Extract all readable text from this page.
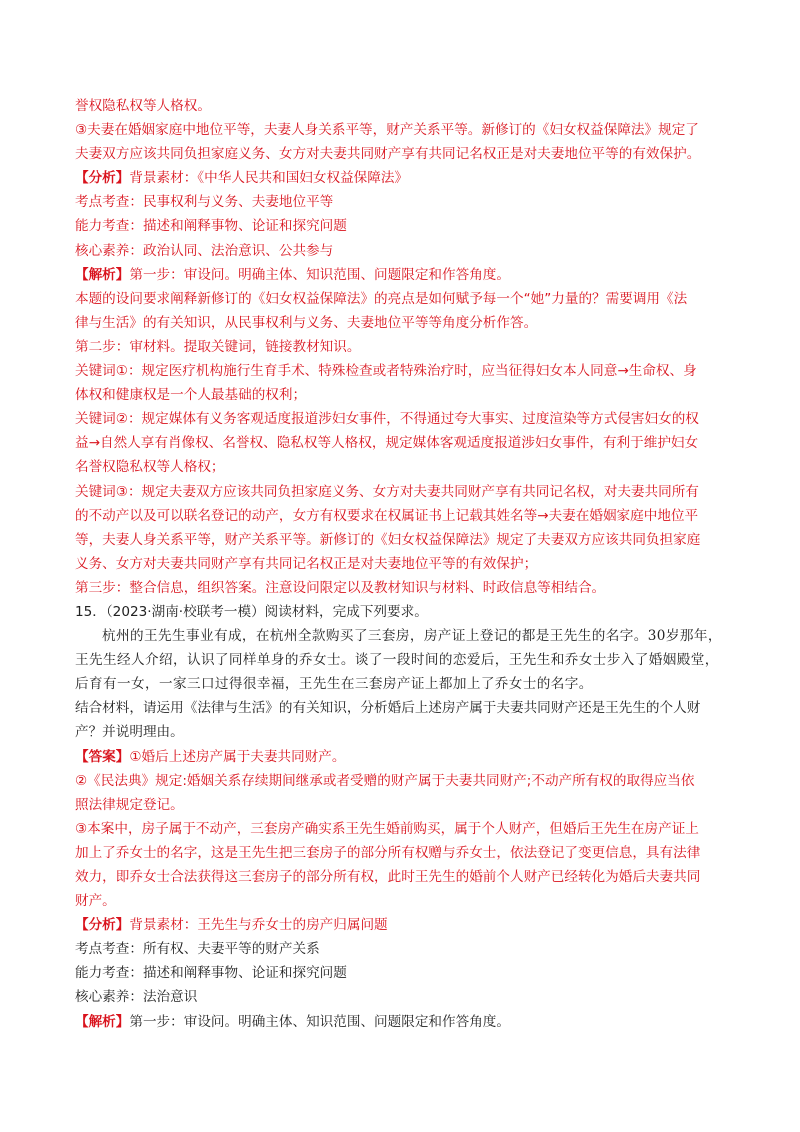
誉权隐私权等人格权。
③夫妻在婚姻家庭中地位平等，夫妻人身关系平等，财产关系平等。新修订的《妇女权益保障法》规定了
夫妻双方应该共同负担家庭义务、女方对夫妻共同财产享有共同记名权正是对夫妻地位平等的有效保护。
【分析】背景素材：《中华人民共和国妇女权益保障法》
考点考查：民事权利与义务、夫妻地位平等
能力考查：描述和阐释事物、论证和探究问题
核心素养：政治认同、法治意识、公共参与
【解析】第一步：审设问。明确主体、知识范围、问题限定和作答角度。
本题的设问要求阐释新修订的《妇女权益保障法》的亮点是如何赋予每一个“她”力量的？需要调用《法
律与生活》的有关知识，从民事权利与义务、夫妻地位平等等角度分析作答。
第二步：审材料。提取关键词，链接教材知识。
关键词①：规定医疗机构施行生育手术、特殊检查或者特殊治疗时，应当征得妇女本人同意→生命权、身
体权和健康权是一个人最基础的权利；
关键词②：规定媒体有义务客观适度报道涉妇女事件，不得通过夸大事实、过度渲染等方式侵害妇女的权
益→自然人享有肖像权、名誉权、隐私权等人格权，规定媒体客观适度报道涉妇女事件，有利于维护妇女
名誉权隐私权等人格权；
关键词③：规定夫妻双方应该共同负担家庭义务、女方对夫妻共同财产享有共同记名权，对夫妻共同所有
的不动产以及可以联名登记的动产，女方有权要求在权属证书上记载其姓名等→夫妻在婚姻家庭中地位平
等，夫妻人身关系平等，财产关系平等。新修订的《妇女权益保障法》规定了夫妻双方应该共同负担家庭
义务、女方对夫妻共同财产享有共同记名权正是对夫妻地位平等的有效保护；
第三步：整合信息，组织答案。注意设问限定以及教材知识与材料、时政信息等相结合。
15．（2023·湖南·校联考一模）阅读材料，完成下列要求。
杭州的王先生事业有成，在杭州全款购买了三套房，房产证上登记的都是王先生的名字。30岁那年，
王先生经人介绍，认识了同样单身的乔女士。谈了一段时间的恋爱后，王先生和乔女士步入了婚姻殿堂，
后育有一女，一家三口过得很幸福，王先生在三套房产证上都加上了乔女士的名字。
结合材料，请运用《法律与生活》的有关知识，分析婚后上述房产属于夫妻共同财产还是王先生的个人财
产？并说明理由。
【答案】①婚后上述房产属于夫妻共同财产。
②《民法典》规定:婚姻关系存续期间继承或者受赠的财产属于夫妻共同财产;不动产所有权的取得应当依
照法律规定登记。
③本案中，房子属于不动产，三套房产确实系王先生婚前购买，属于个人财产，但婚后王先生在房产证上
加上了乔女士的名字，这是王先生把三套房子的部分所有权赠与乔女士，依法登记了变更信息，具有法律
效力，即乔女士合法获得这三套房子的部分所有权，此时王先生的婚前个人财产已经转化为婚后夫妻共同
财产。
【分析】背景素材：王先生与乔女士的房产归属问题
考点考查：所有权、夫妻平等的财产关系
能力考查：描述和阐释事物、论证和探究问题
核心素养：法治意识
【解析】第一步：审设问。明确主体、知识范围、问题限定和作答角度。
